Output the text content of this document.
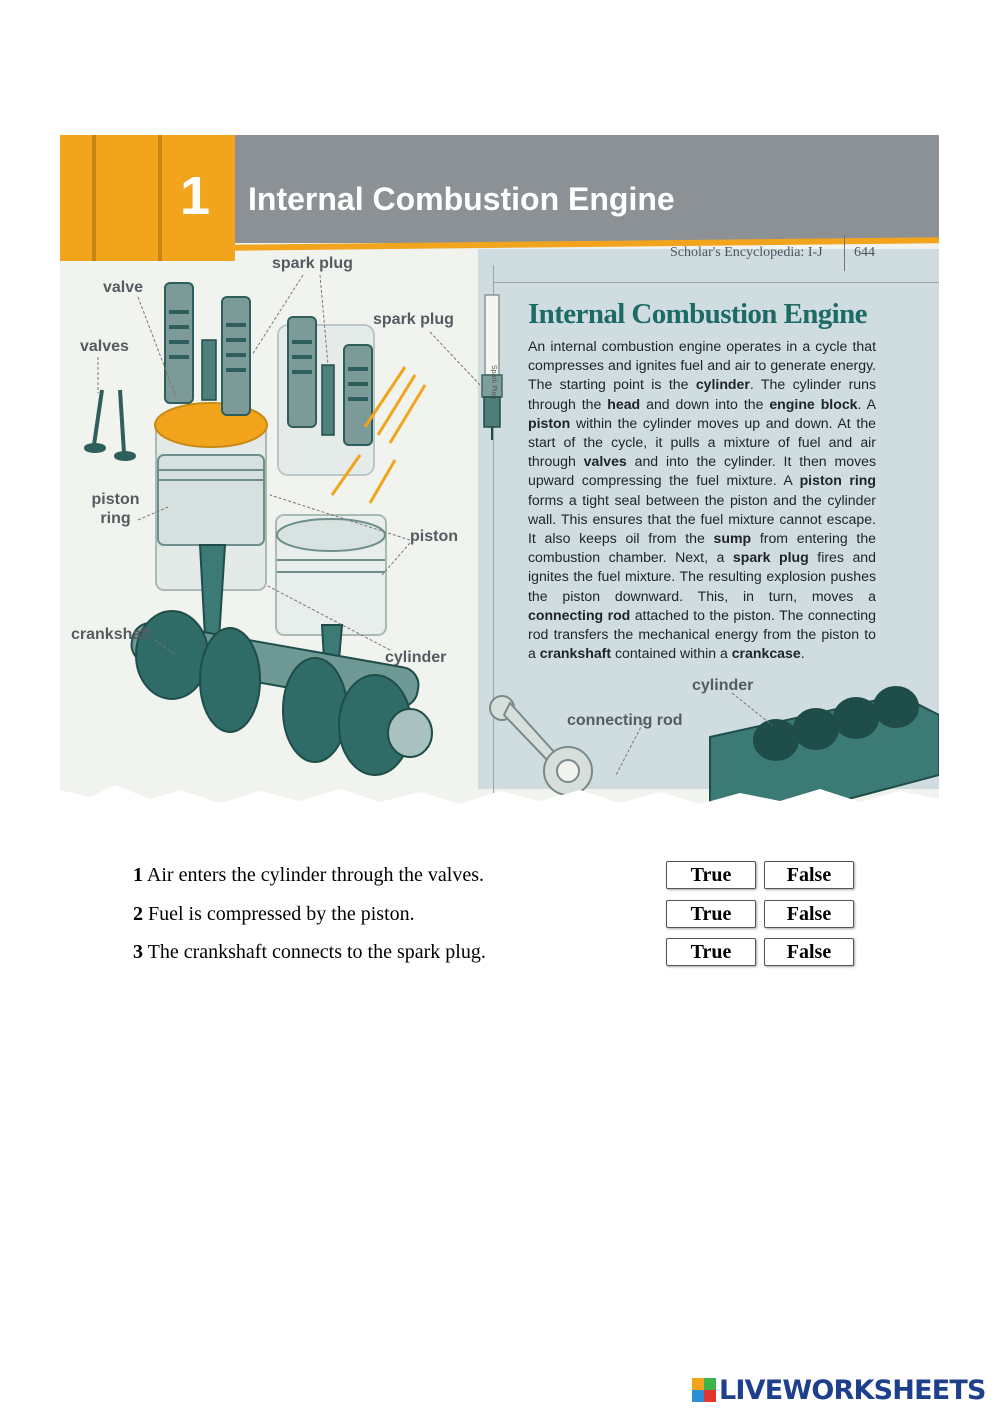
1 Internal Combustion Engine
Scholar's Encyclopedia: I-J 644
Internal Combustion Engine
An internal combustion engine operates in a cycle that compresses and ignites fuel and air to generate energy. The starting point is the cylinder. The cylinder runs through the head and down into the engine block. A piston within the cylinder moves up and down. At the start of the cycle, it pulls a mixture of fuel and air through valves and into the cylinder. It then moves upward compressing the fuel mixture. A piston ring forms a tight seal between the piston and the cylinder wall. This ensures that the fuel mixture cannot escape. It also keeps oil from the sump from entering the combustion chamber. Next, a spark plug fires and ignites the fuel mixture. The resulting explosion pushes the piston downward. This, in turn, moves a connecting rod attached to the piston. The connecting rod transfers the mechanical energy from the piston to a crankshaft contained within a crankcase.
Spark Plug
valve
valves
spark plug
spark plug
piston ring
piston
crankshaft
cylinder
cylinder
connecting rod
1 Air enters the cylinder through the valves.	True	False
2 Fuel is compressed by the piston.	True	False
3 The crankshaft connects to the spark plug.	True	False
LIVEWORKSHEETS
